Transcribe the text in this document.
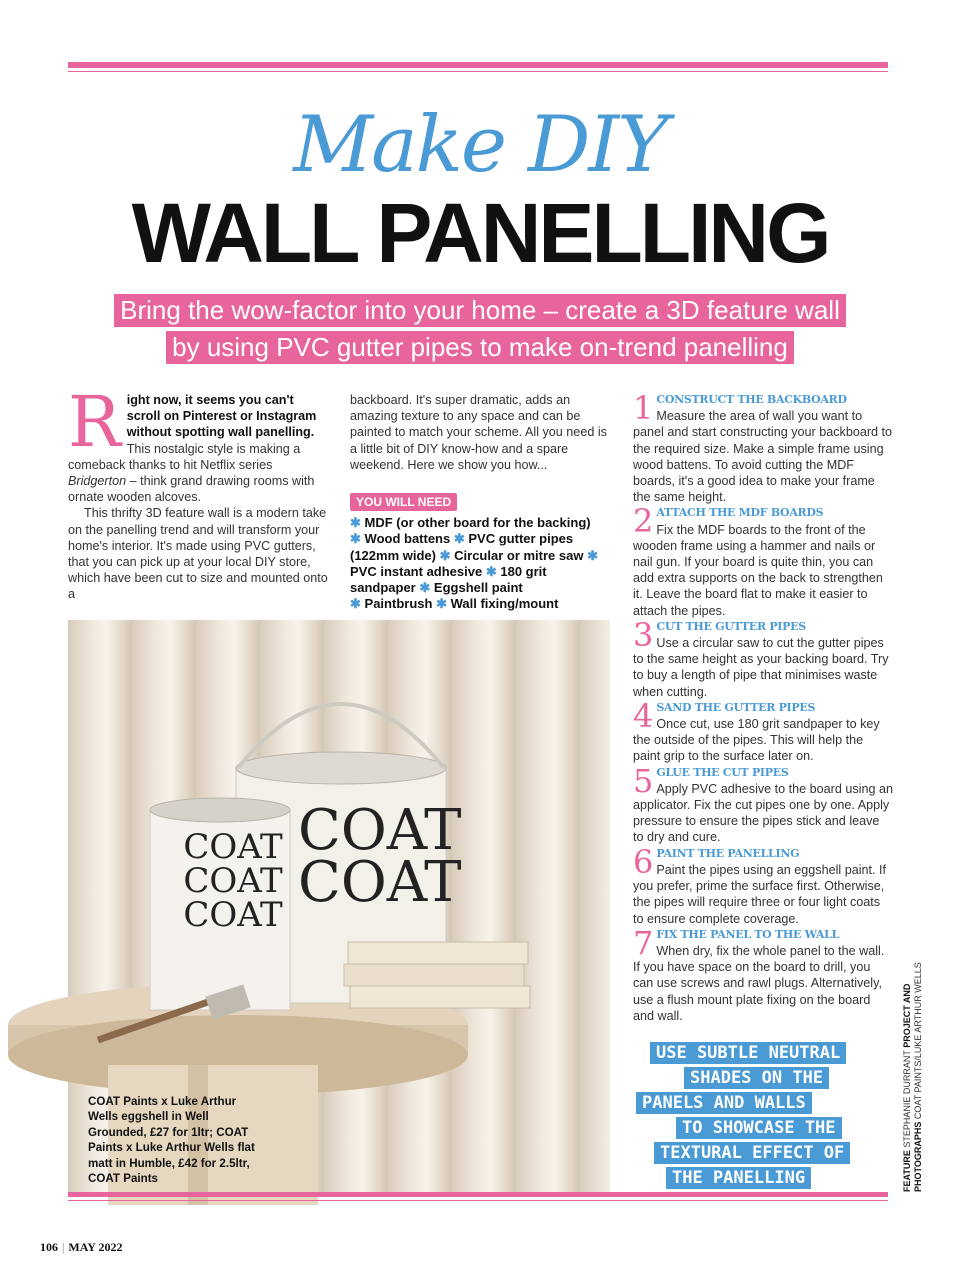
Make DIY
WALL PANELLING
Bring the wow-factor into your home – create a 3D feature wall
by using PVC gutter pipes to make on-trend panelling

Right now, it seems you can't scroll on Pinterest or Instagram without spotting wall panelling. This nostalgic style is making a comeback thanks to hit Netflix series Bridgerton – think grand drawing rooms with ornate wooden alcoves.

This thrifty 3D feature wall is a modern take on the panelling trend and will transform your home's interior. It's made using PVC gutters, that you can pick up at your local DIY store, which have been cut to size and mounted onto a

backboard. It's super dramatic, adds an amazing texture to any space and can be painted to match your scheme. All you need is a little bit of DIY know-how and a spare weekend. Here we show you how...

YOU WILL NEED
✱ MDF (or other board for the backing)
✱ Wood battens ✱ PVC gutter pipes (122mm wide) ✱ Circular or mitre saw ✱ PVC instant adhesive ✱ 180 grit sandpaper ✱ Eggshell paint
✱ Paintbrush ✱ Wall fixing/mount
1 CONSTRUCT THE BACKBOARD
Measure the area of wall you want to panel and start constructing your backboard to the required size. Make a simple frame using wood battens. To avoid cutting the MDF boards, it's a good idea to make your frame the same height.
2 ATTACH THE MDF BOARDS
Fix the MDF boards to the front of the wooden frame using a hammer and nails or nail gun. If your board is quite thin, you can add extra supports on the back to strengthen it. Leave the board flat to make it easier to attach the pipes.
3 CUT THE GUTTER PIPES
Use a circular saw to cut the gutter pipes to the same height as your backing board. Try to buy a length of pipe that minimises waste when cutting.
4 SAND THE GUTTER PIPES
Once cut, use 180 grit sandpaper to key the outside of the pipes. This will help the paint grip to the surface later on.
5 GLUE THE CUT PIPES
Apply PVC adhesive to the board using an applicator. Fix the cut pipes one by one. Apply pressure to ensure the pipes stick and leave to dry and cure.
6 PAINT THE PANELLING
Paint the pipes using an eggshell paint. If you prefer, prime the surface first. Otherwise, the pipes will require three or four light coats to ensure complete coverage.
7 FIX THE PANEL TO THE WALL
When dry, fix the whole panel to the wall. If you have space on the board to drill, you can use screws and rawl plugs. Alternatively, use a flush mount plate fixing on the board and wall.
COAT
COAT
COAT
COAT
COAT
COAT Paints x Luke Arthur Wells eggshell in Well Grounded, £27 for 1ltr; COAT Paints x Luke Arthur Wells flat matt in Humble, £42 for 2.5ltr, COAT Paints
USE SUBTLE NEUTRAL
SHADES ON THE
PANELS AND WALLS
TO SHOWCASE THE
TEXTURAL EFFECT OF
THE PANELLING	FEATURE STEPHANIE DURRANT PROJECT AND PHOTOGRAPHS COAT PAINTS/LUKE ARTHUR WELLS
106 | MAY 2022
